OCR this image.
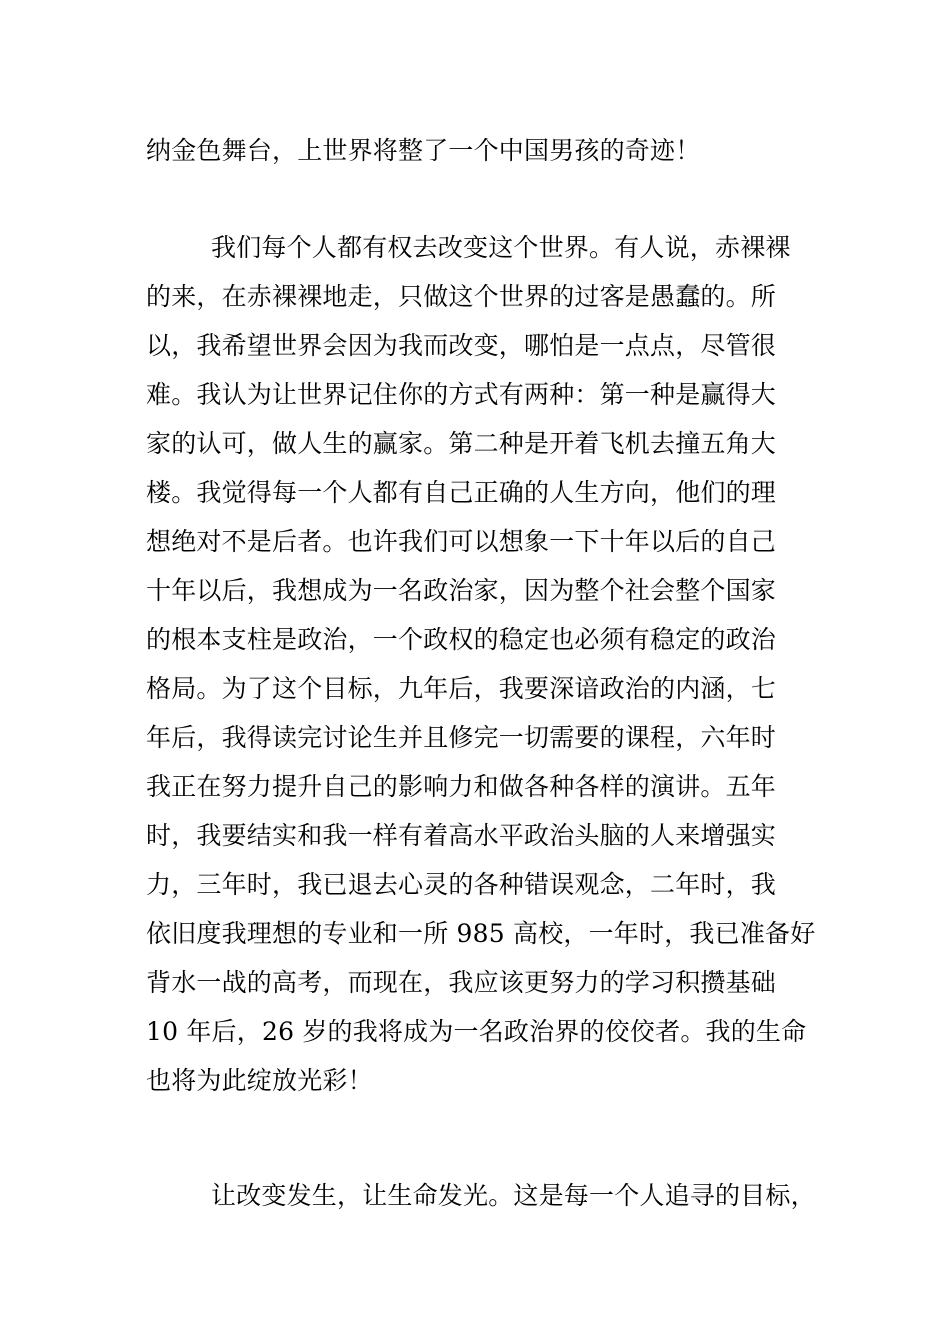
纳金色舞台，上世界将整了一个中国男孩的奇迹！
我们每个人都有权去改变这个世界。有人说，赤裸裸
的来，在赤裸裸地走，只做这个世界的过客是愚蠢的。所
以，我希望世界会因为我而改变，哪怕是一点点，尽管很
难。我认为让世界记住你的方式有两种：第一种是赢得大
家的认可，做人生的赢家。第二种是开着飞机去撞五角大
楼。我觉得每一个人都有自己正确的人生方向，他们的理
想绝对不是后者。也许我们可以想象一下十年以后的自己
十年以后，我想成为一名政治家，因为整个社会整个国家
的根本支柱是政治，一个政权的稳定也必须有稳定的政治
格局。为了这个目标，九年后，我要深谙政治的内涵，七
年后，我得读完讨论生并且修完一切需要的课程，六年时
我正在努力提升自己的影响力和做各种各样的演讲。五年
时，我要结实和我一样有着高水平政治头脑的人来增强实
力，三年时，我已退去心灵的各种错误观念，二年时，我
依旧度我理想的专业和一所 985 高校，一年时，我已准备好
背水一战的高考，而现在，我应该更努力的学习积攒基础
10 年后，26 岁的我将成为一名政治界的佼佼者。我的生命
也将为此绽放光彩！
让改变发生，让生命发光。这是每一个人追寻的目标，
